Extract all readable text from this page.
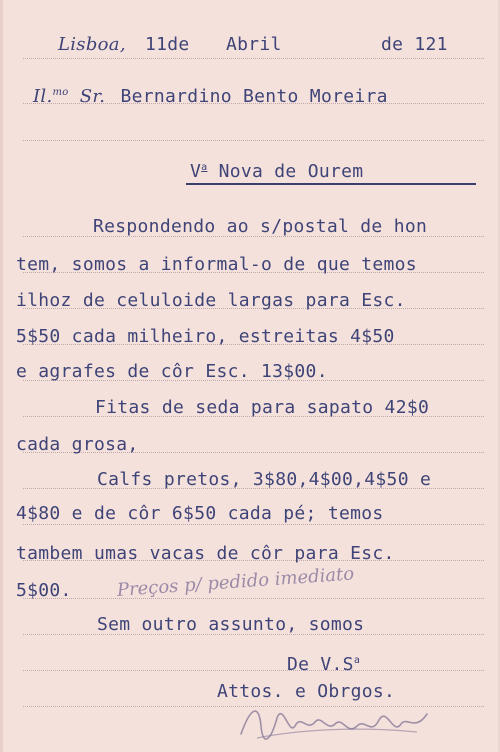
Lisboa, 11de Abril	de 121
Il.$^{mo}$ Sr. Bernardino Bento Moreira
$V^a$ Nova de Ourem
Respondendo ao s/postal de hon
tem, somos a informal-o de que temos
ilhoz de celuloide largas para Esc.
5$50 cada milheiro, estreitas 4$50
e agrafes de côr Esc. 13$00.
Fitas de seda para sapato 42$0
cada grosa,
Calfs pretos, 3$80,4$00,4$50 e
4$80 e de côr 6$50 cada pé; temos
tambem umas vacas de côr para Esc.
5$00. Preços p/ pedido imediato
Sem outro assunto, somos
De $V.S^a$
Attos. e Obrgos.
